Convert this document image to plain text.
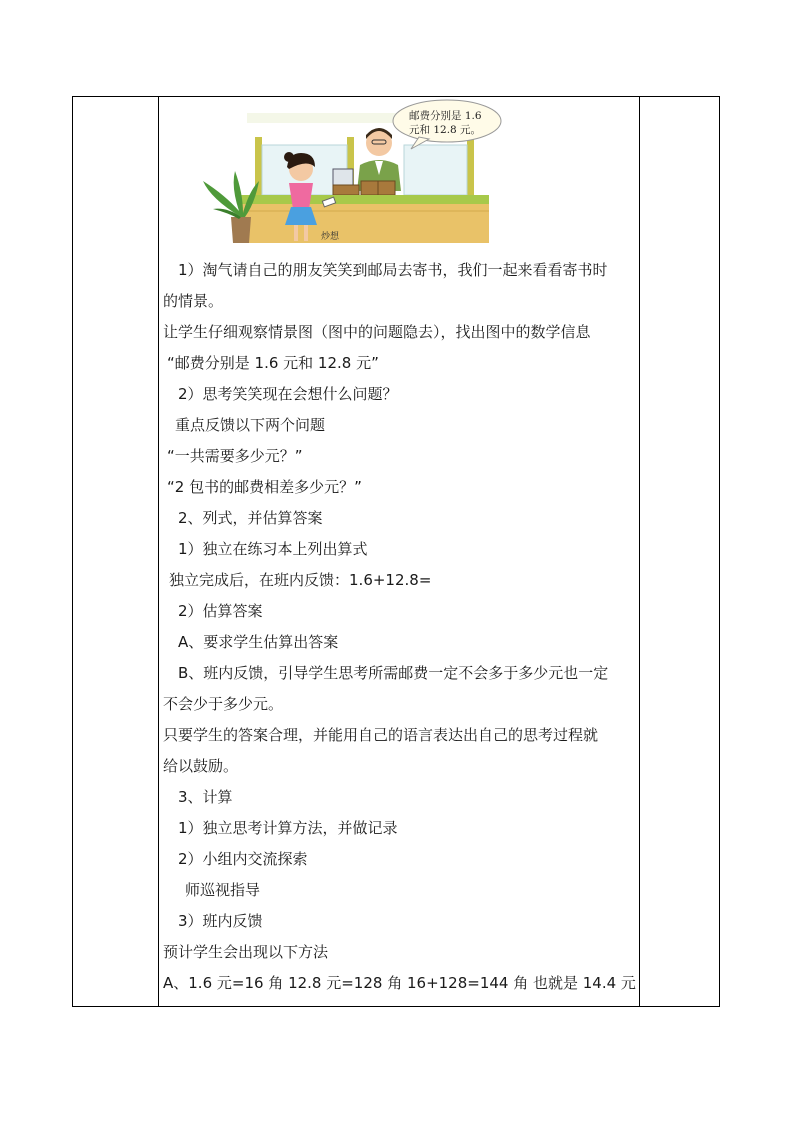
邮费分别是 1.6
元和 12.8 元。
炒想

1）淘气请自己的朋友笑笑到邮局去寄书，我们一起来看看寄书时

的情景。

让学生仔细观察情景图（图中的问题隐去），找出图中的数学信息

“邮费分别是 1.6 元和 12.8 元”

2）思考笑笑现在会想什么问题？

重点反馈以下两个问题

“一共需要多少元？”

“2 包书的邮费相差多少元？”

2、列式，并估算答案

1）独立在练习本上列出算式

独立完成后，在班内反馈：1.6+12.8=

2）估算答案

A、要求学生估算出答案

B、班内反馈，引导学生思考所需邮费一定不会多于多少元也一定

不会少于多少元。

只要学生的答案合理，并能用自己的语言表达出自己的思考过程就

给以鼓励。

3、计算

1）独立思考计算方法，并做记录

2）小组内交流探索

师巡视指导

3）班内反馈

预计学生会出现以下方法

A、1.6 元=16 角 12.8 元=128 角 16+128=144 角 也就是 14.4 元
